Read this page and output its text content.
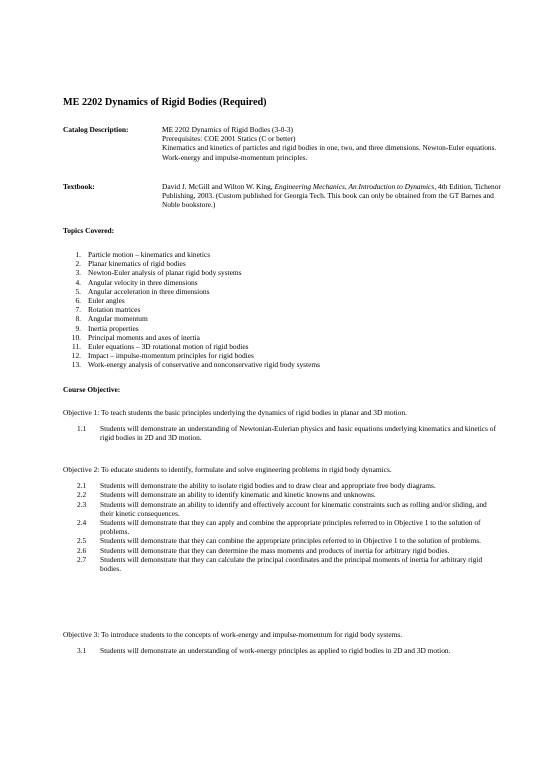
ME 2202 Dynamics of Rigid Bodies (Required)
Catalog Description:	ME 2202 Dynamics of Rigid Bodies (3-0-3)

Prerequisites: COE 2001 Statics (C or better)

Kinematics and kinetics of particles and rigid bodies in one, two, and three dimensions. Newton-Euler equations. Work-energy and impulse-momentum principles.

Textbook:	David J. McGill and Wilton W. King, Engineering Mechanics, An Introduction to Dynamics, 4th Edition, Tichenor Publishing, 2003. (Custom published for Georgia Tech. This book can only be obtained from the GT Barnes and Noble bookstore.)

Topics Covered:
1. Particle motion – kinematics and kinetics
2. Planar kinematics of rigid bodies
3. Newton-Euler analysis of planar rigid body systems
4. Angular velocity in three dimensions
5. Angular acceleration in three dimensions
6. Euler angles
7. Rotation matrices
8. Angular momentum
9. Inertia properties
10. Principal moments and axes of inertia
11. Euler equations – 3D rotational motion of rigid bodies
12. Impact – impulse-momentum principles for rigid bodies
13. Work-energy analysis of conservative and nonconservative rigid body systems
Course Objective:

Objective 1: To teach students the basic principles underlying the dynamics of rigid bodies in planar and 3D motion.

1.1 Students will demonstrate an understanding of Newtonian-Eulerian physics and basic equations underlying kinematics and kinetics of rigid bodies in 2D and 3D motion.

Objective 2: To educate students to identify, formulate and solve engineering problems in rigid body dynamics.

2.1 Students will demonstrate the ability to isolate rigid bodies and to draw clear and appropriate free body diagrams.

2.2 Students will demonstrate an ability to identify kinematic and kinetic knowns and unknowns.

2.3 Students will demonstrate an ability to identify and effectively account for kinematic constraints such as rolling and/or sliding, and their kinetic consequences.

2.4 Students will demonstrate that they can apply and combine the appropriate principles referred to in Objective 1 to the solution of problems.

2.5 Students will demonstrate that they can combine the appropriate principles referred to in Objective 1 to the solution of problems.

2.6 Students will demonstrate that they can determine the mass moments and products of inertia for arbitrary rigid bodies.

2.7 Students will demonstrate that they can calculate the principal coordinates and the principal moments of inertia for arbitrary rigid bodies.

Objective 3: To introduce students to the concepts of work-energy and impulse-momentum for rigid body systems.

3.1 Students will demonstrate an understanding of work-energy principles as applied to rigid bodies in 2D and 3D motion.
